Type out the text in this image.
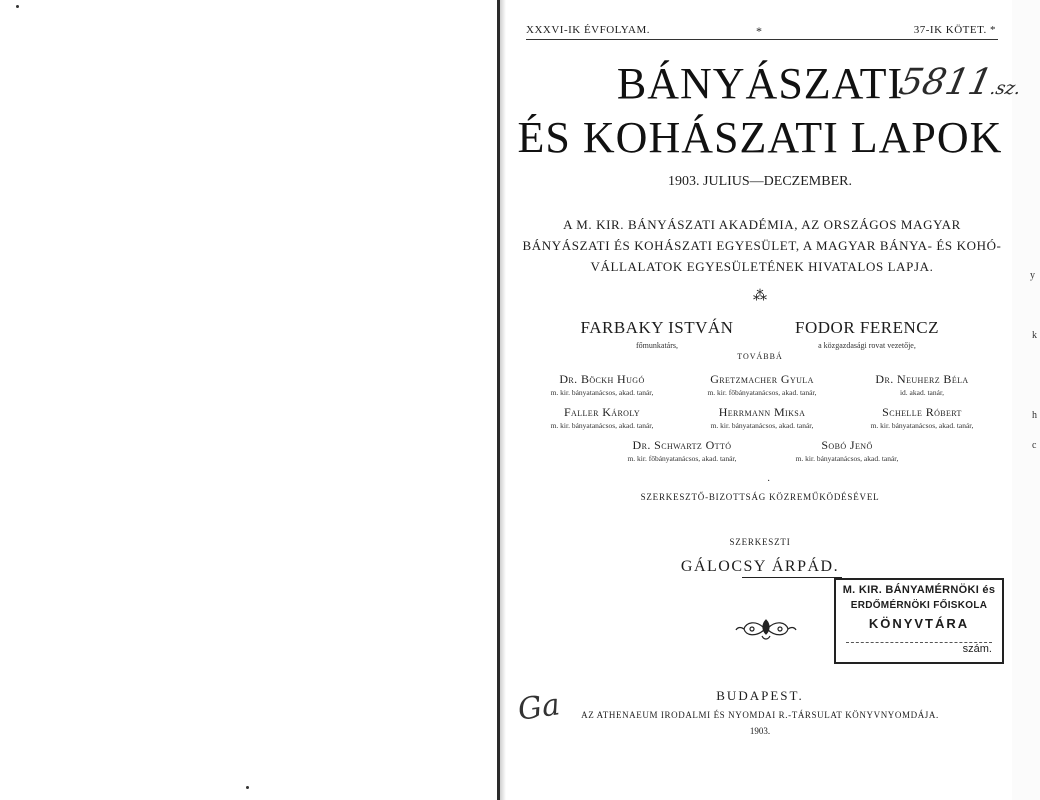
XXXVI-IK ÉVFOLYAM.	*	37-IK KÖTET. *
BÁNYÁSZATI
ÉS KOHÁSZATI LAPOK
5811.sz.
1903. JULIUS—DECZEMBER.
A M. KIR. BÁNYÁSZATI AKADÉMIA, AZ ORSZÁGOS MAGYAR BÁNYÁSZATI ÉS KOHÁSZATI EGYESÜLET, A MAGYAR BÁNYA- ÉS KOHÓ-VÁLLALATOK EGYESÜLETÉNEK HIVATALOS LAPJA.
⁂
FARBAKY ISTVÁN
főmunkatárs,
FODOR FERENCZ
a közgazdasági rovat vezetője,
TOVÁBBÁ
Dr. Böckh Hugó
m. kir. bányatanácsos, akad. tanár,
Gretzmacher Gyula
m. kir. főbányatanácsos, akad. tanár,
Dr. Neuherz Béla
id. akad. tanár,
Faller Károly
m. kir. bányatanácsos, akad. tanár,
Herrmann Miksa
m. kir. bányatanácsos, akad. tanár,
Schelle Róbert
m. kir. bányatanácsos, akad. tanár,
Dr. Schwartz Ottó
m. kir. főbányatanácsos, akad. tanár,
Sobó Jenő
m. kir. bányatanácsos, akad. tanár,
·
SZERKESZTŐ-BIZOTTSÁG KÖZREMŰKÖDÉSÉVEL
SZERKESZTI
GÁLOCSY ÁRPÁD.
M. KIR. BÁNYAMÉRNÖKI és
ERDŐMÉRNÖKI FŐISKOLA
KÖNYVTÁRA
szám.
BUDAPEST.
AZ ATHENAEUM IRODALMI ÉS NYOMDAI R.-TÁRSULAT KÖNYVNYOMDÁJA.
1903.
Ga
y
k
h
c
